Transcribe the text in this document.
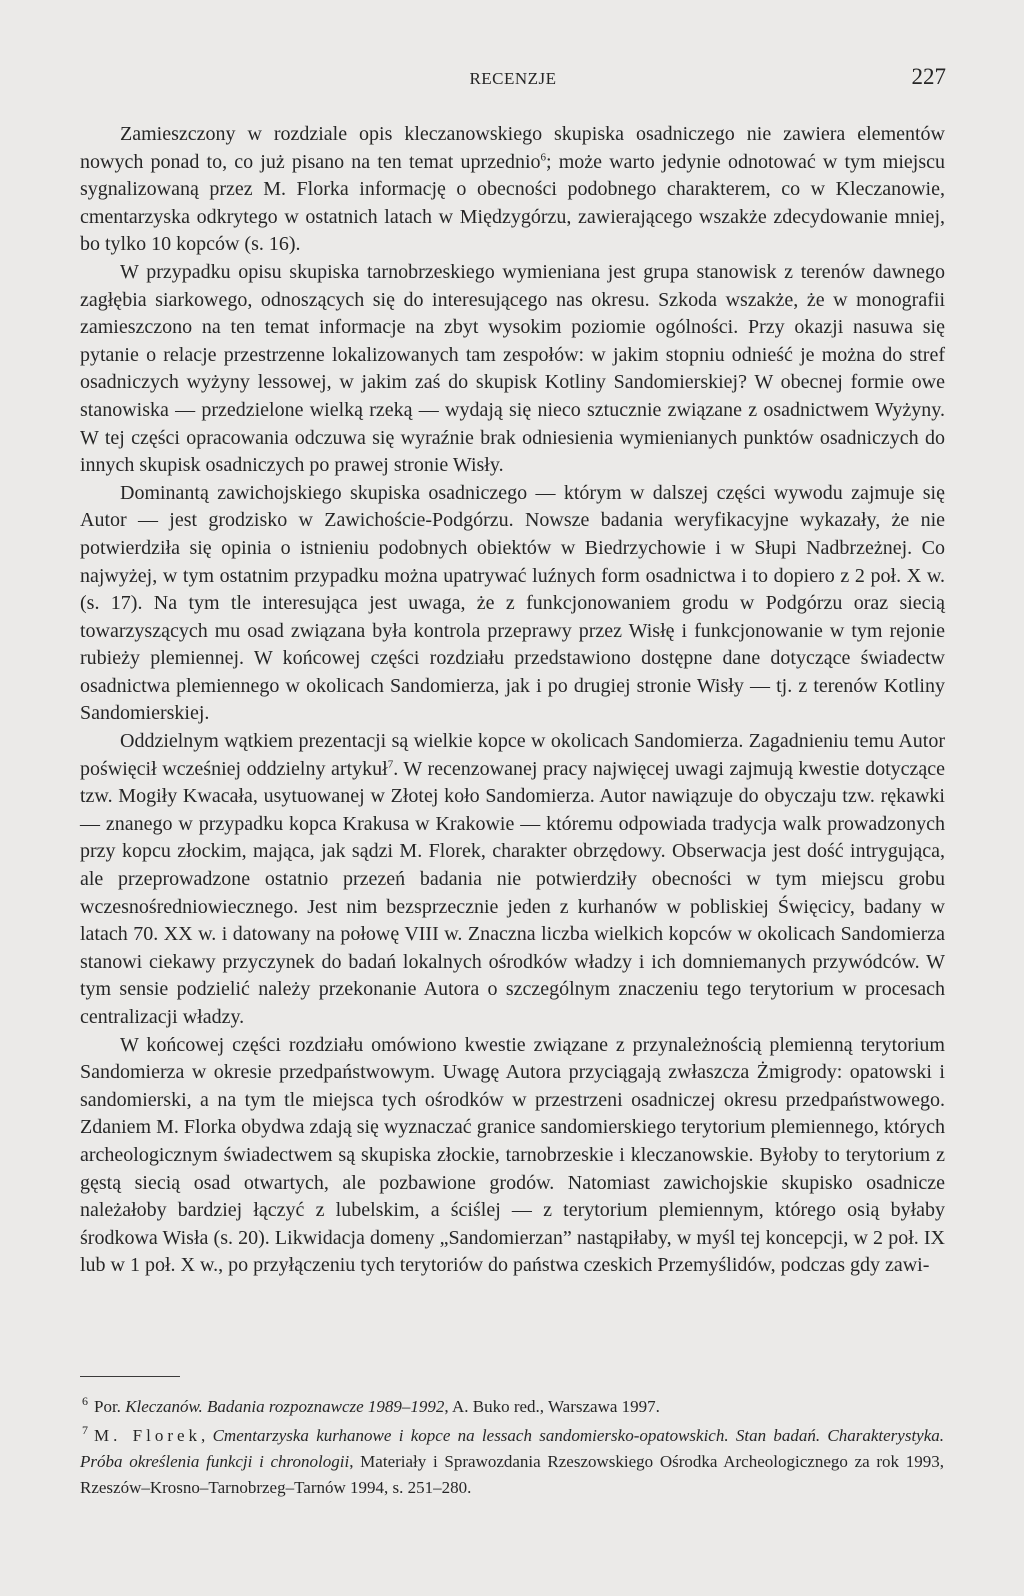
RECENZJE	227

Zamieszczony w rozdziale opis kleczanowskiego skupiska osadniczego nie zawiera elementów nowych ponad to, co już pisano na ten temat uprzednio$^6$; może warto jedynie odnotować w tym miejscu sygnalizowaną przez M. Florka informację o obecności podobnego charakterem, co w Kleczanowie, cmentarzyska odkrytego w ostatnich latach w Międzygórzu, zawierającego wszakże zdecydowanie mniej, bo tylko 10 kopców (s. 16).

W przypadku opisu skupiska tarnobrzeskiego wymieniana jest grupa stanowisk z terenów dawnego zagłębia siarkowego, odnoszących się do interesującego nas okresu. Szkoda wszakże, że w monografii zamieszczono na ten temat informacje na zbyt wysokim poziomie ogólności. Przy okazji nasuwa się pytanie o relacje przestrzenne lokalizowanych tam zespołów: w jakim stopniu odnieść je można do stref osadniczych wyżyny lessowej, w jakim zaś do skupisk Kotliny Sandomierskiej? W obecnej formie owe stanowiska — przedzielone wielką rzeką — wydają się nieco sztucznie związane z osadnictwem Wyżyny. W tej części opracowania odczuwa się wyraźnie brak odniesienia wymienianych punktów osadniczych do innych skupisk osadniczych po prawej stronie Wisły.

Dominantą zawichojskiego skupiska osadniczego — którym w dalszej części wywodu zajmuje się Autor — jest grodzisko w Zawichoście-Podgórzu. Nowsze badania weryfikacyjne wykazały, że nie potwierdziła się opinia o istnieniu podobnych obiektów w Biedrzychowie i w Słupi Nadbrzeżnej. Co najwyżej, w tym ostatnim przypadku można upatrywać luźnych form osadnictwa i to dopiero z 2 poł. X w. (s. 17). Na tym tle interesująca jest uwaga, że z funkcjonowaniem grodu w Podgórzu oraz siecią towarzyszących mu osad związana była kontrola przeprawy przez Wisłę i funkcjonowanie w tym rejonie rubieży plemiennej. W końcowej części rozdziału przedstawiono dostępne dane dotyczące świadectw osadnictwa plemiennego w okolicach Sandomierza, jak i po drugiej stronie Wisły — tj. z terenów Kotliny Sandomierskiej.

Oddzielnym wątkiem prezentacji są wielkie kopce w okolicach Sandomierza. Zagadnieniu temu Autor poświęcił wcześniej oddzielny artykuł$^7$. W recenzowanej pracy najwięcej uwagi zajmują kwestie dotyczące tzw. Mogiły Kwacała, usytuowanej w Złotej koło Sandomierza. Autor nawiązuje do obyczaju tzw. rękawki — znanego w przypadku kopca Krakusa w Krakowie — któremu odpowiada tradycja walk prowadzonych przy kopcu złockim, mająca, jak sądzi M. Florek, charakter obrzędowy. Obserwacja jest dość intrygująca, ale przeprowadzone ostatnio przezeń badania nie potwierdziły obecności w tym miejscu grobu wczesnośredniowiecznego. Jest nim bezsprzecznie jeden z kurhanów w pobliskiej Święcicy, badany w latach 70. XX w. i datowany na połowę VIII w. Znaczna liczba wielkich kopców w okolicach Sandomierza stanowi ciekawy przyczynek do badań lokalnych ośrodków władzy i ich domniemanych przywódców. W tym sensie podzielić należy przekonanie Autora o szczególnym znaczeniu tego terytorium w procesach centralizacji władzy.

W końcowej części rozdziału omówiono kwestie związane z przynależnością plemienną terytorium Sandomierza w okresie przedpaństwowym. Uwagę Autora przyciągają zwłaszcza Żmigrody: opatowski i sandomierski, a na tym tle miejsca tych ośrodków w przestrzeni osadniczej okresu przedpaństwowego. Zdaniem M. Florka obydwa zdają się wyznaczać granice sandomierskiego terytorium plemiennego, których archeologicznym świadectwem są skupiska złockie, tarnobrzeskie i kleczanowskie. Byłoby to terytorium z gęstą siecią osad otwartych, ale pozbawione grodów. Natomiast zawichojskie skupisko osadnicze należałoby bardziej łączyć z lubelskim, a ściślej — z terytorium plemiennym, którego osią byłaby środkowa Wisła (s. 20). Likwidacja domeny „Sandomierzan” nastąpiłaby, w myśl tej koncepcji, w 2 poł. IX lub w 1 poł. X w., po przyłączeniu tych terytoriów do państwa czeskich Przemyślidów, podczas gdy zawi-

$^6$ Por. Kleczanów. Badania rozpoznawcze 1989–1992, A. Buko red., Warszawa 1997.

$^7$ M. Florek, Cmentarzyska kurhanowe i kopce na lessach sandomiersko-opatowskich. Stan badań. Charakterystyka. Próba określenia funkcji i chronologii, Materiały i Sprawozdania Rzeszowskiego Ośrodka Archeologicznego za rok 1993, Rzeszów–Krosno–Tarnobrzeg–Tarnów 1994, s. 251–280.
